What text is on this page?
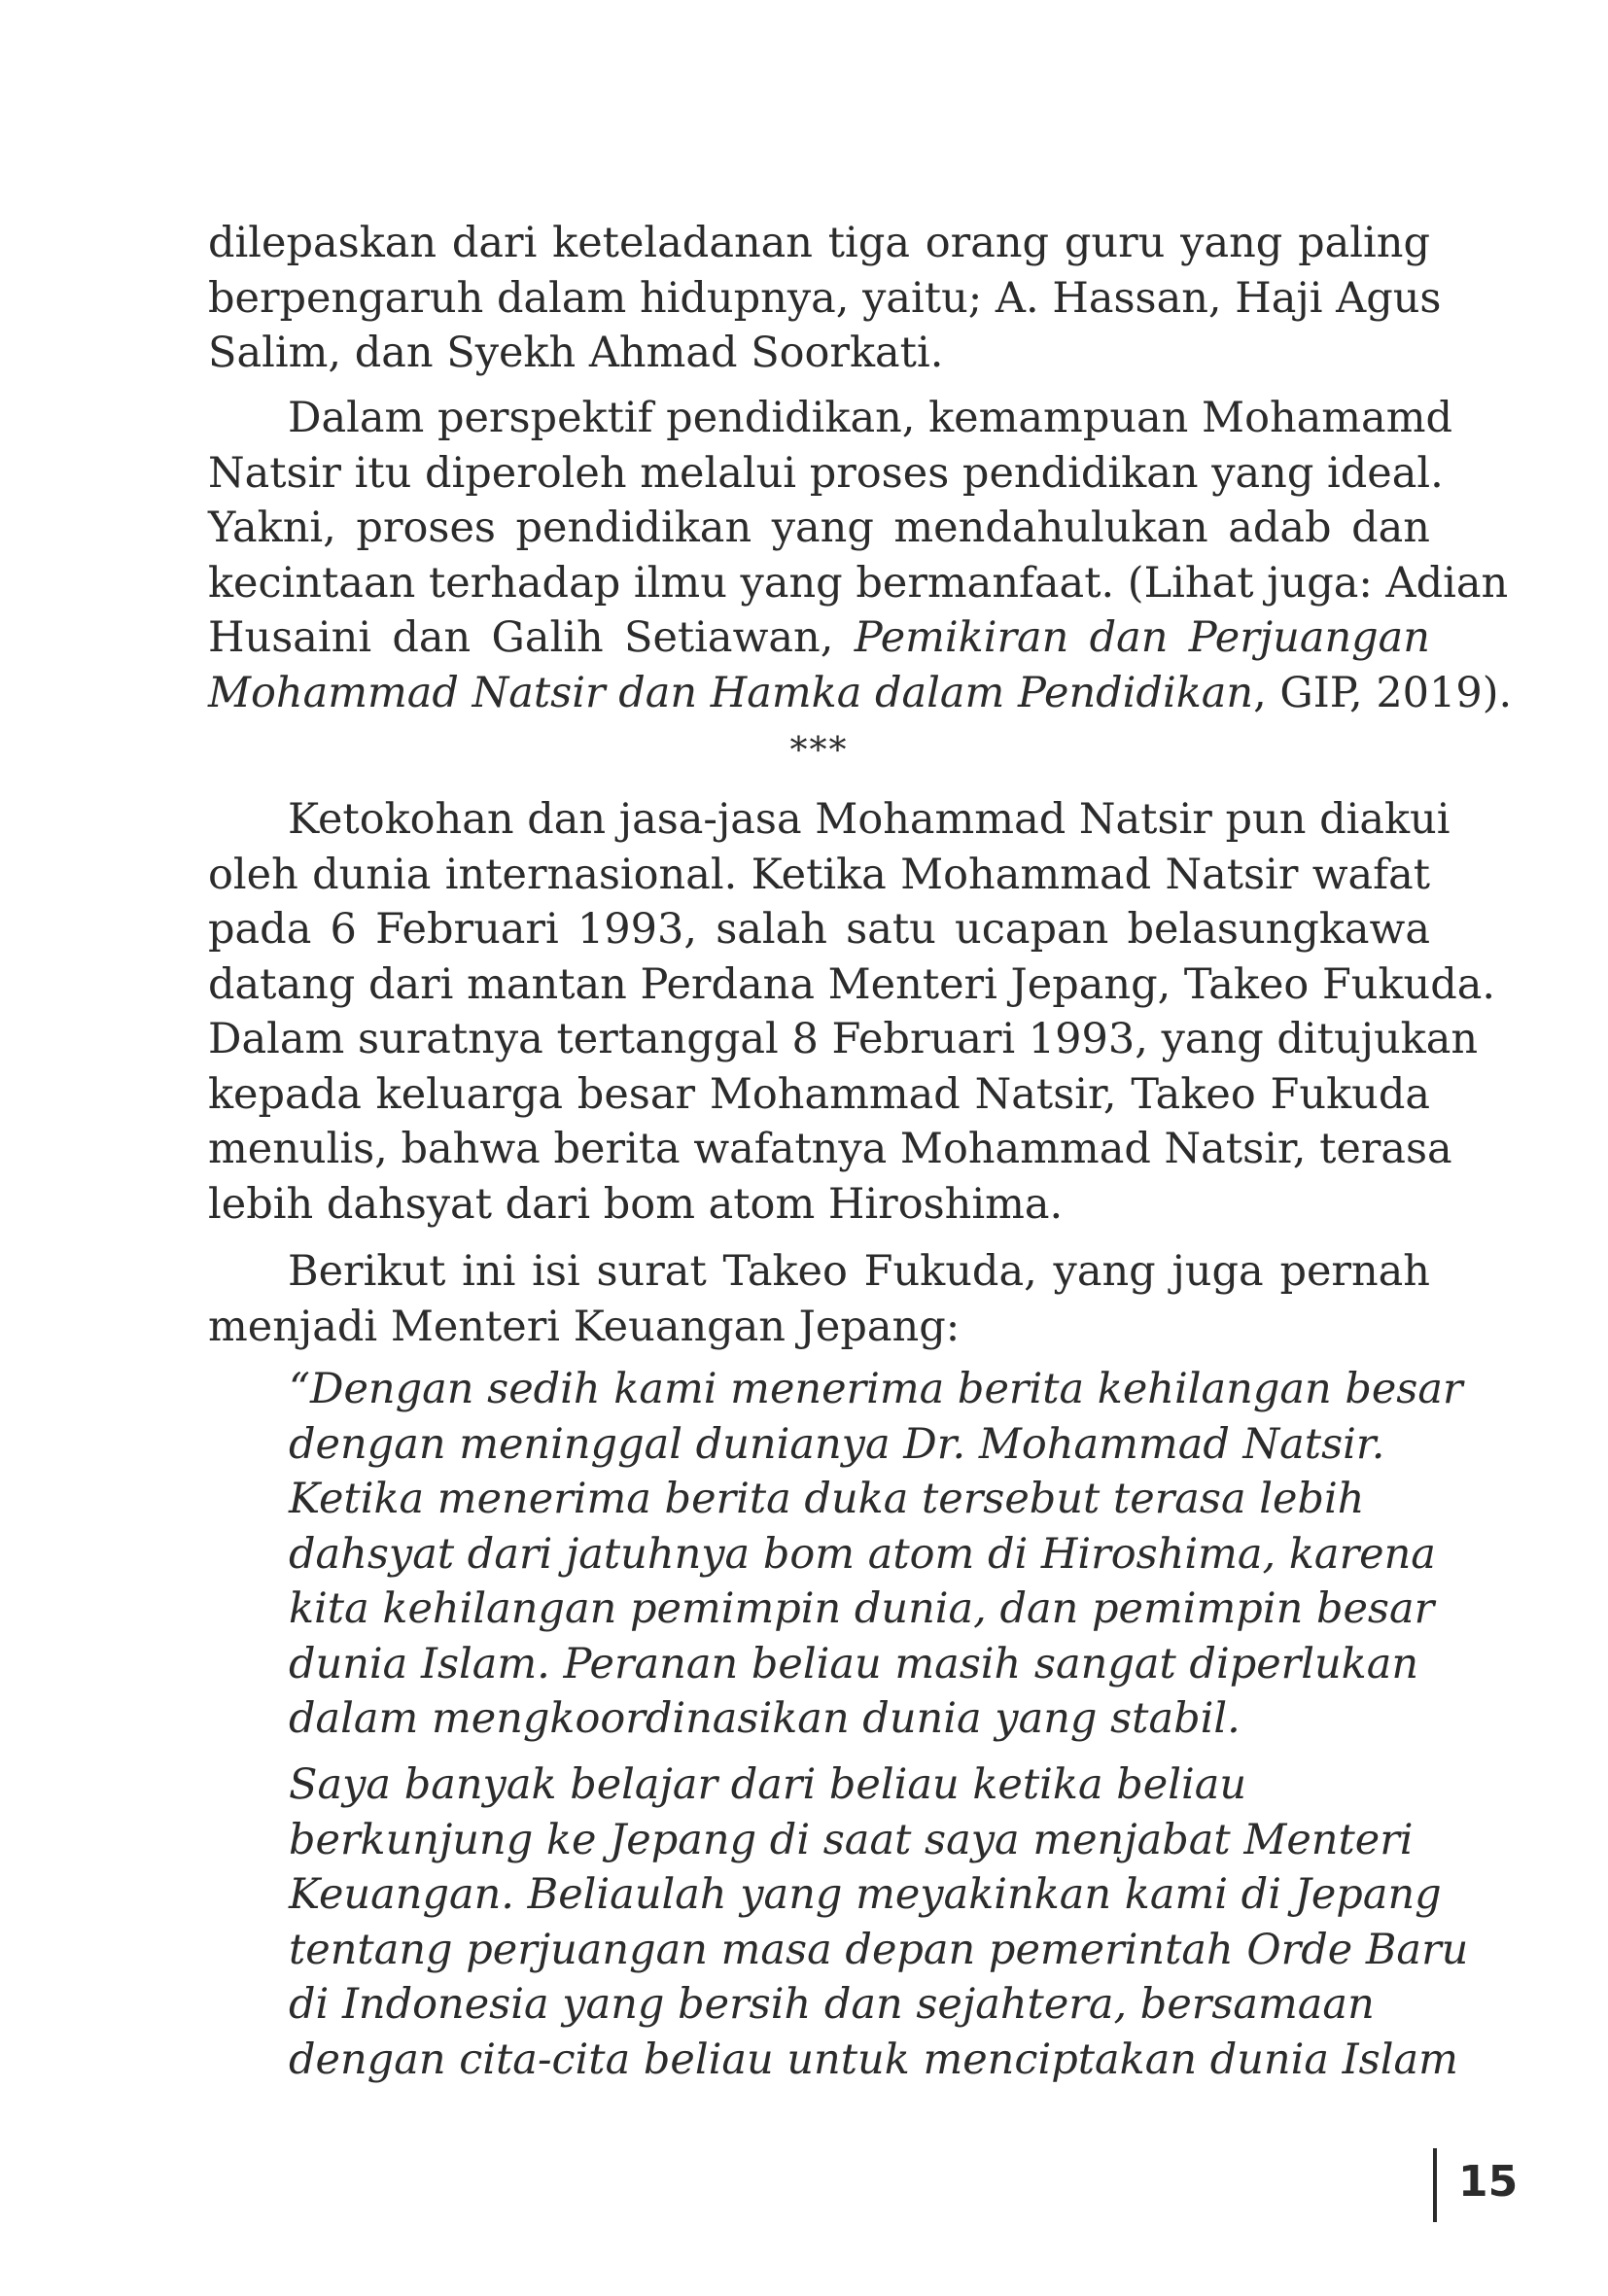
dilepaskan dari keteladanan tiga orang guru yang paling
berpengaruh dalam hidupnya, yaitu; A. Hassan, Haji Agus
Salim, dan Syekh Ahmad Soorkati.
Dalam perspektif pendidikan, kemampuan Mohamamd
Natsir itu diperoleh melalui proses pendidikan yang ideal.
Yakni, proses pendidikan yang mendahulukan adab dan
kecintaan terhadap ilmu yang bermanfaat. (Lihat juga: Adian
Husaini dan Galih Setiawan, Pemikiran dan Perjuangan
Mohammad Natsir dan Hamka dalam Pendidikan, GIP, 2019).
***
Ketokohan dan jasa-jasa Mohammad Natsir pun diakui
oleh dunia internasional. Ketika Mohammad Natsir wafat
pada 6 Februari 1993, salah satu ucapan belasungkawa
datang dari mantan Perdana Menteri Jepang, Takeo Fukuda.
Dalam suratnya tertanggal 8 Februari 1993, yang ditujukan
kepada keluarga besar Mohammad Natsir, Takeo Fukuda
menulis, bahwa berita wafatnya Mohammad Natsir, terasa
lebih dahsyat dari bom atom Hiroshima.
Berikut ini isi surat Takeo Fukuda, yang juga pernah
menjadi Menteri Keuangan Jepang:
“Dengan sedih kami menerima berita kehilangan besar
dengan meninggal dunianya Dr. Mohammad Natsir.
Ketika menerima berita duka tersebut terasa lebih
dahsyat dari jatuhnya bom atom di Hiroshima, karena
kita kehilangan pemimpin dunia, dan pemimpin besar
dunia Islam. Peranan beliau masih sangat diperlukan
dalam mengkoordinasikan dunia yang stabil.
Saya banyak belajar dari beliau ketika beliau
berkunjung ke Jepang di saat saya menjabat Menteri
Keuangan. Beliaulah yang meyakinkan kami di Jepang
tentang perjuangan masa depan pemerintah Orde Baru
di Indonesia yang bersih dan sejahtera, bersamaan
dengan cita-cita beliau untuk menciptakan dunia Islam
15
